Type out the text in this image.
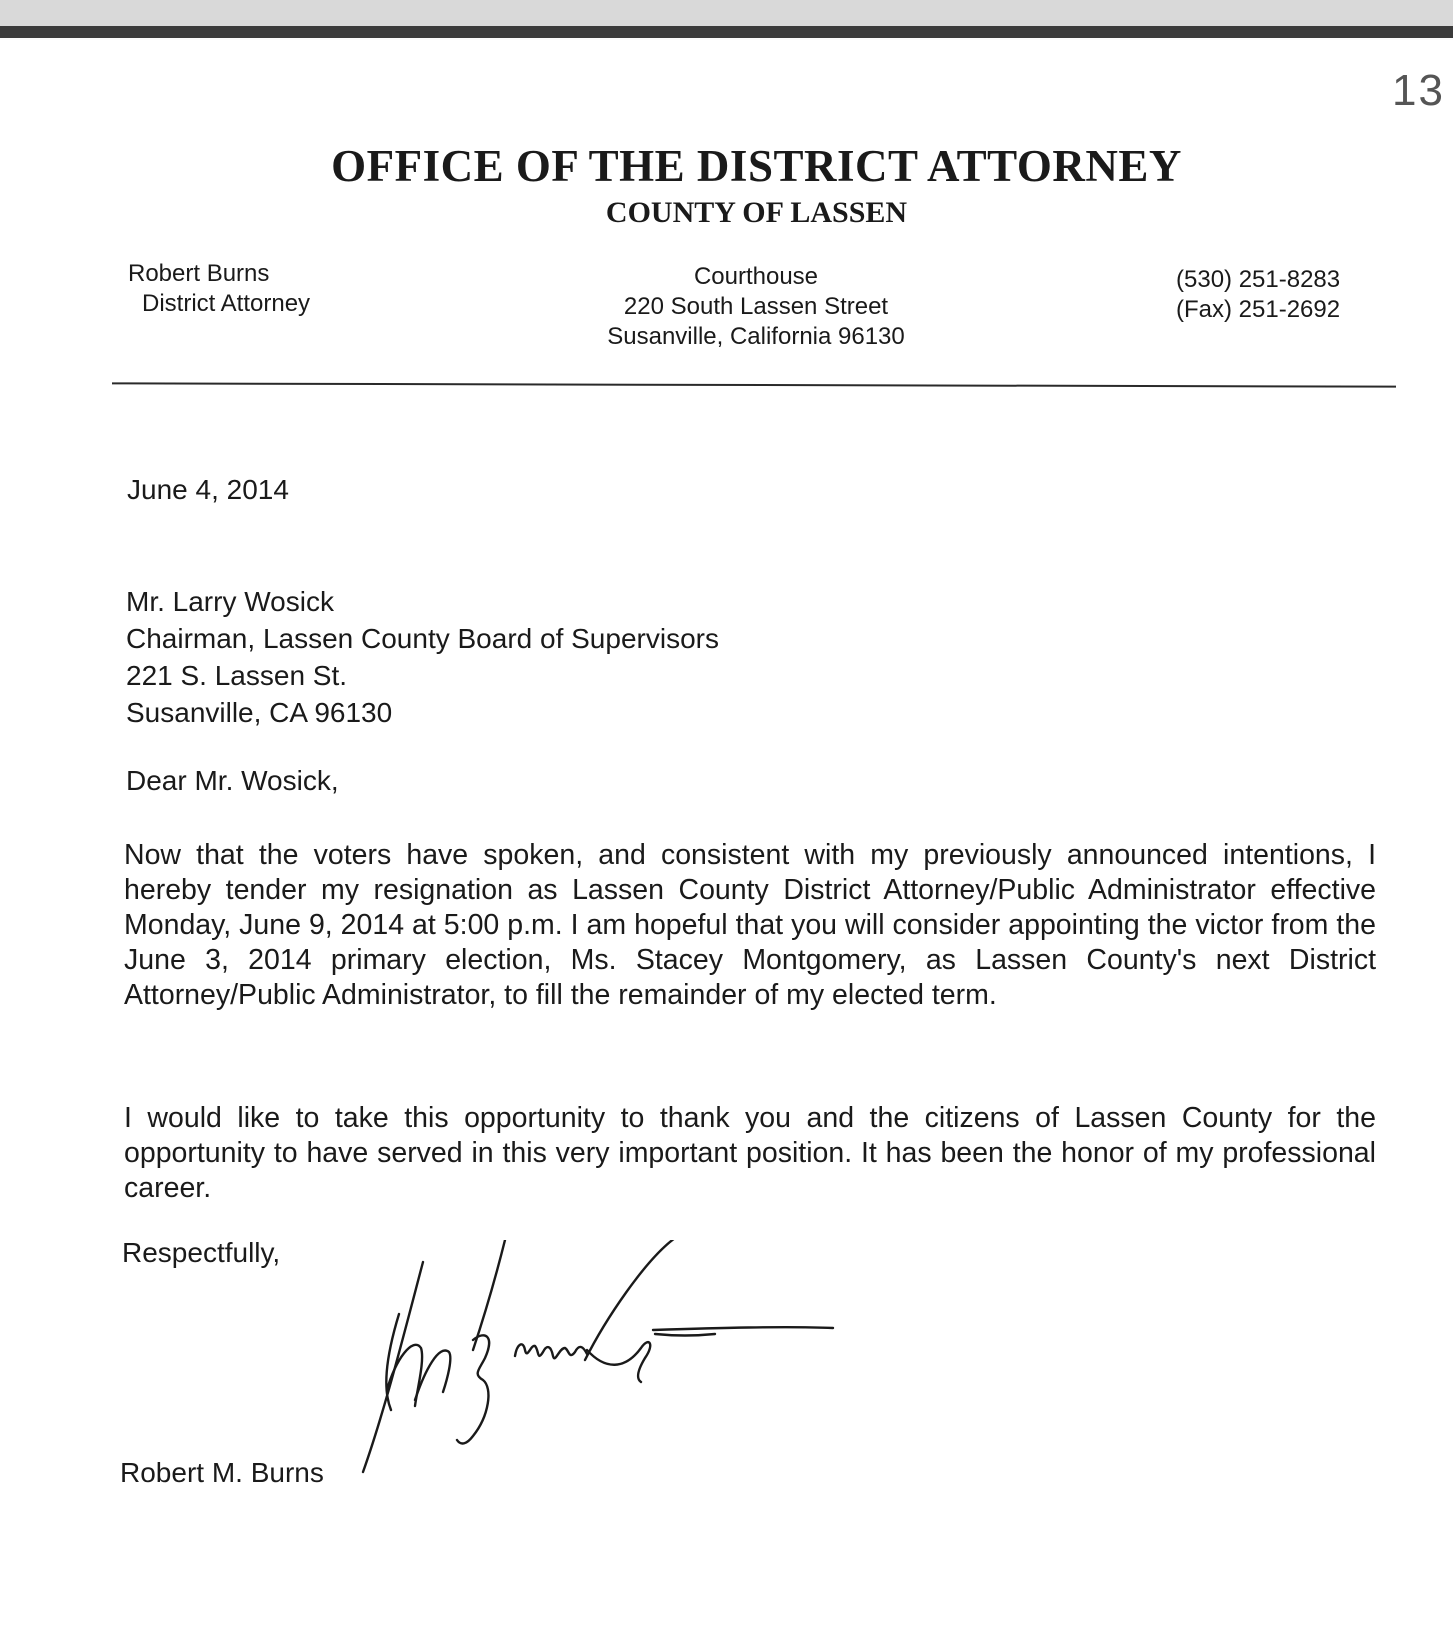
13
OFFICE OF THE DISTRICT ATTORNEY
COUNTY OF LASSEN
Robert Burns
District Attorney
Courthouse
220 South Lassen Street
Susanville, California 96130
(530) 251-8283
(Fax) 251-2692
June 4, 2014
Mr. Larry Wosick
Chairman, Lassen County Board of Supervisors
221 S. Lassen St.
Susanville, CA 96130
Dear Mr. Wosick,
Now that the voters have spoken, and consistent with my previously announced intentions, I hereby tender my resignation as Lassen County District Attorney/Public Administrator effective Monday, June 9, 2014 at 5:00 p.m. I am hopeful that you will consider appointing the victor from the June 3, 2014 primary election, Ms. Stacey Montgomery, as Lassen County's next District Attorney/Public Administrator, to fill the remainder of my elected term.
I would like to take this opportunity to thank you and the citizens of Lassen County for the opportunity to have served in this very important position. It has been the honor of my professional career.
Respectfully,
Robert M. Burns
